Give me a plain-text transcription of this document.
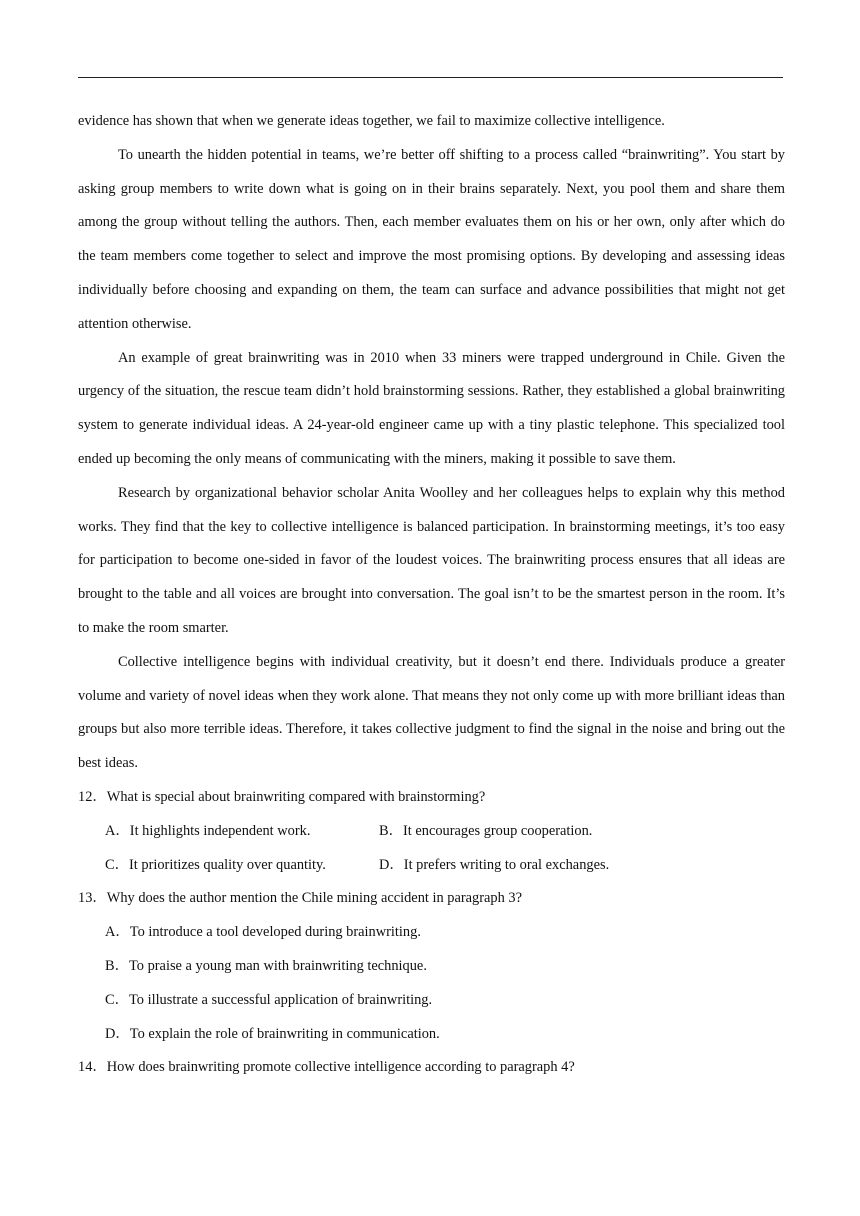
evidence has shown that when we generate ideas together, we fail to maximize collective intelligence.

To unearth the hidden potential in teams, we’re better off shifting to a process called “brainwriting”. You start by asking group members to write down what is going on in their brains separately. Next, you pool them and share them among the group without telling the authors. Then, each member evaluates them on his or her own, only after which do the team members come together to select and improve the most promising options. By developing and assessing ideas individually before choosing and expanding on them, the team can surface and advance possibilities that might not get attention otherwise.

An example of great brainwriting was in 2010 when 33 miners were trapped underground in Chile. Given the urgency of the situation, the rescue team didn’t hold brainstorming sessions. Rather, they established a global brainwriting system to generate individual ideas. A 24-year-old engineer came up with a tiny plastic telephone. This specialized tool ended up becoming the only means of communicating with the miners, making it possible to save them.

Research by organizational behavior scholar Anita Woolley and her colleagues helps to explain why this method works. They find that the key to collective intelligence is balanced participation. In brainstorming meetings, it’s too easy for participation to become one-sided in favor of the loudest voices. The brainwriting process ensures that all ideas are brought to the table and all voices are brought into conversation. The goal isn’t to be the smartest person in the room. It’s to make the room smarter.

Collective intelligence begins with individual creativity, but it doesn’t end there. Individuals produce a greater volume and variety of novel ideas when they work alone. That means they not only come up with more brilliant ideas than groups but also more terrible ideas. Therefore, it takes collective judgment to find the signal in the noise and bring out the best ideas.

12．What is special about brainwriting compared with brainstorming?
A．It highlights independent work.	B．It encourages group cooperation.
C．It prioritizes quality over quantity.	D．It prefers writing to oral exchanges.
13．Why does the author mention the Chile mining accident in paragraph 3?
A．To introduce a tool developed during brainwriting.
B．To praise a young man with brainwriting technique.
C．To illustrate a successful application of brainwriting.
D．To explain the role of brainwriting in communication.
14．How does brainwriting promote collective intelligence according to paragraph 4?
